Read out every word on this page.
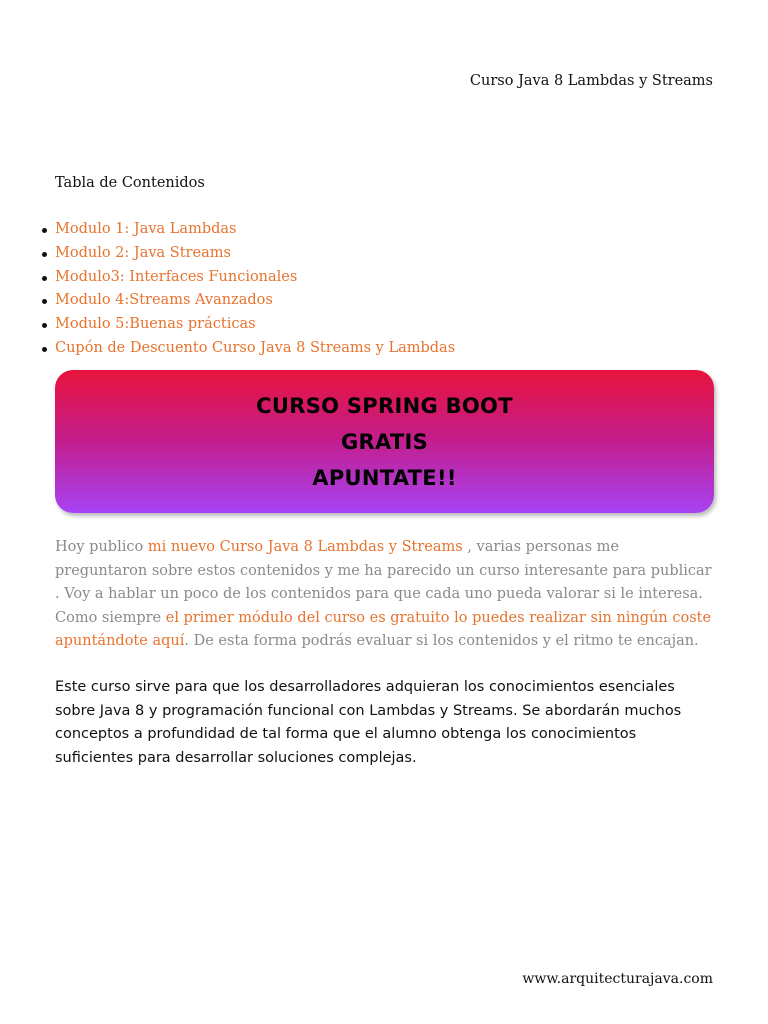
Curso Java 8 Lambdas y Streams
Tabla de Contenidos
Modulo 1: Java Lambdas
Modulo 2: Java Streams
Modulo3: Interfaces Funcionales
Modulo 4:Streams Avanzados
Modulo 5:Buenas prácticas
Cupón de Descuento Curso Java 8 Streams y Lambdas
CURSO SPRING BOOT
GRATIS
APUNTATE!!

Hoy publico mi nuevo Curso Java 8 Lambdas y Streams , varias personas me preguntaron sobre estos contenidos y me ha parecido un curso interesante para publicar . Voy a hablar un poco de los contenidos para que cada uno pueda valorar si le interesa. Como siempre el primer módulo del curso es gratuito lo puedes realizar sin ningún coste apuntándote aquí. De esta forma podrás evaluar si los contenidos y el ritmo te encajan.

Este curso sirve para que los desarrolladores adquieran los conocimientos esenciales sobre Java 8 y programación funcional con Lambdas y Streams. Se abordarán muchos conceptos a profundidad de tal forma que el alumno obtenga los conocimientos suficientes para desarrollar soluciones complejas.

www.arquitecturajava.com
